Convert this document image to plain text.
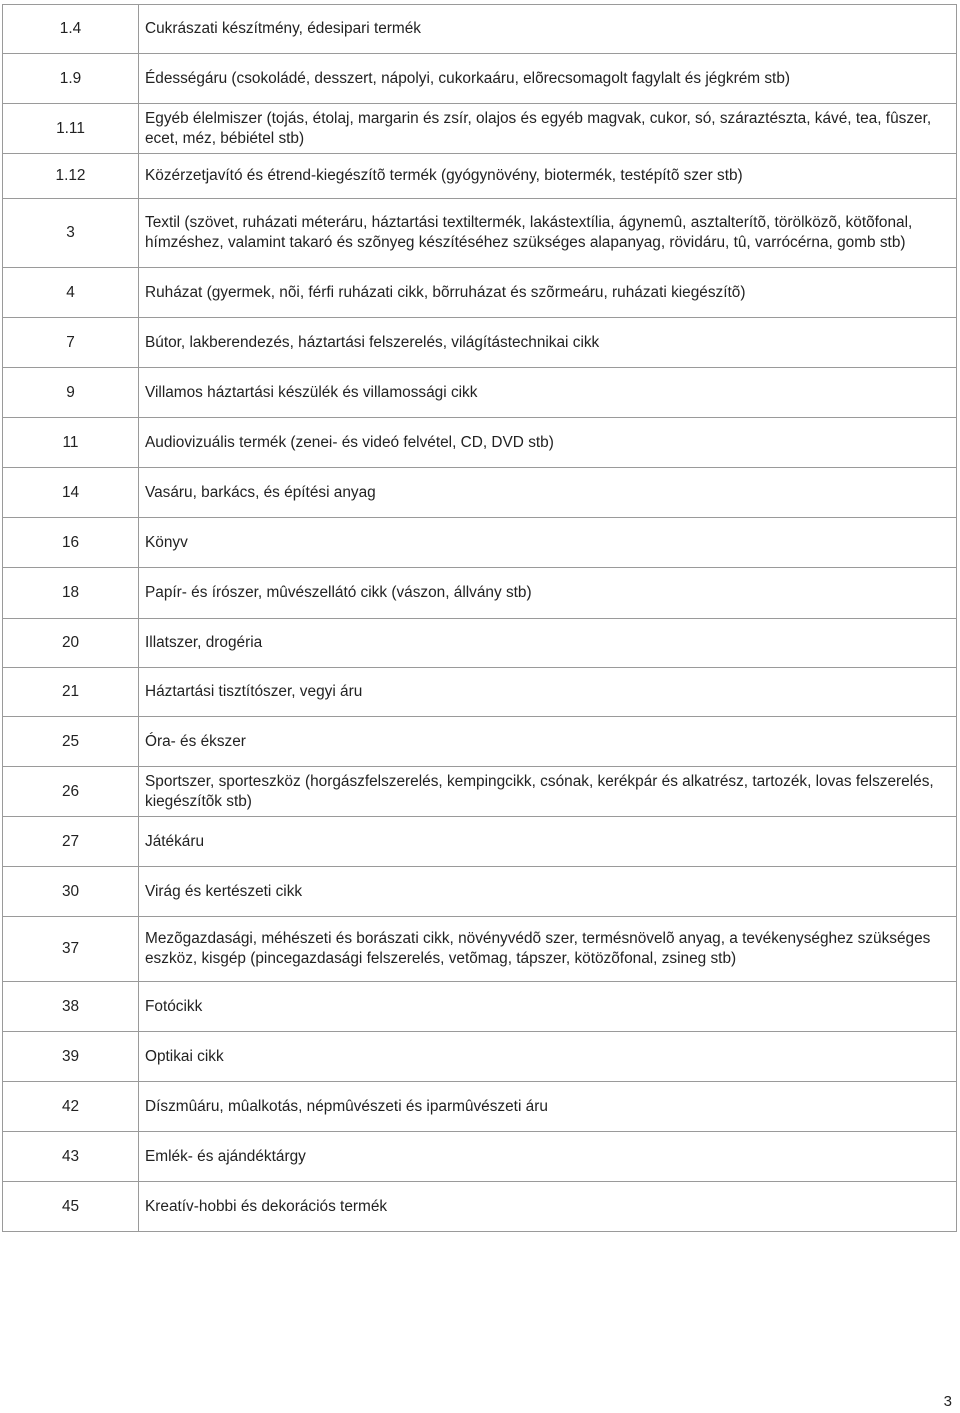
1.4	Cukrászati készítmény, édesipari termék
1.9	Édességáru (csokoládé, desszert, nápolyi, cukorkaáru, elõrecsomagolt fagylalt és jégkrém stb)
1.11	Egyéb élelmiszer (tojás, étolaj, margarin és zsír, olajos és egyéb magvak, cukor, só, száraztészta, kávé, tea, fûszer, ecet, méz, bébiétel stb)
1.12	Közérzetjavító és étrend-kiegészítõ termék (gyógynövény, biotermék, testépítõ szer stb)
3	Textil (szövet, ruházati méteráru, háztartási textiltermék, lakástextília, ágynemû, asztalterítõ, törölközõ, kötõfonal, hímzéshez, valamint takaró és szõnyeg készítéséhez szükséges alapanyag, rövidáru, tû, varrócérna, gomb stb)
4	Ruházat (gyermek, nõi, férfi ruházati cikk, bõrruházat és szõrmeáru, ruházati kiegészítõ)
7	Bútor, lakberendezés, háztartási felszerelés, világítástechnikai cikk
9	Villamos háztartási készülék és villamossági cikk
11	Audiovizuális termék (zenei- és videó felvétel, CD, DVD stb)
14	Vasáru, barkács, és építési anyag
16	Könyv
18	Papír- és írószer, mûvészellátó cikk (vászon, állvány stb)
20	Illatszer, drogéria
21	Háztartási tisztítószer, vegyi áru
25	Óra- és ékszer
26	Sportszer, sporteszköz (horgászfelszerelés, kempingcikk, csónak, kerékpár és alkatrész, tartozék, lovas felszerelés, kiegészítõk stb)
27	Játékáru
30	Virág és kertészeti cikk
37	Mezõgazdasági, méhészeti és borászati cikk, növényvédõ szer, termésnövelõ anyag, a tevékenységhez szükséges eszköz, kisgép (pincegazdasági felszerelés, vetõmag, tápszer, kötözõfonal, zsineg stb)
38	Fotócikk
39	Optikai cikk
42	Díszmûáru, mûalkotás, népmûvészeti és iparmûvészeti áru
43	Emlék- és ajándéktárgy
45	Kreatív-hobbi és dekorációs termék
3
